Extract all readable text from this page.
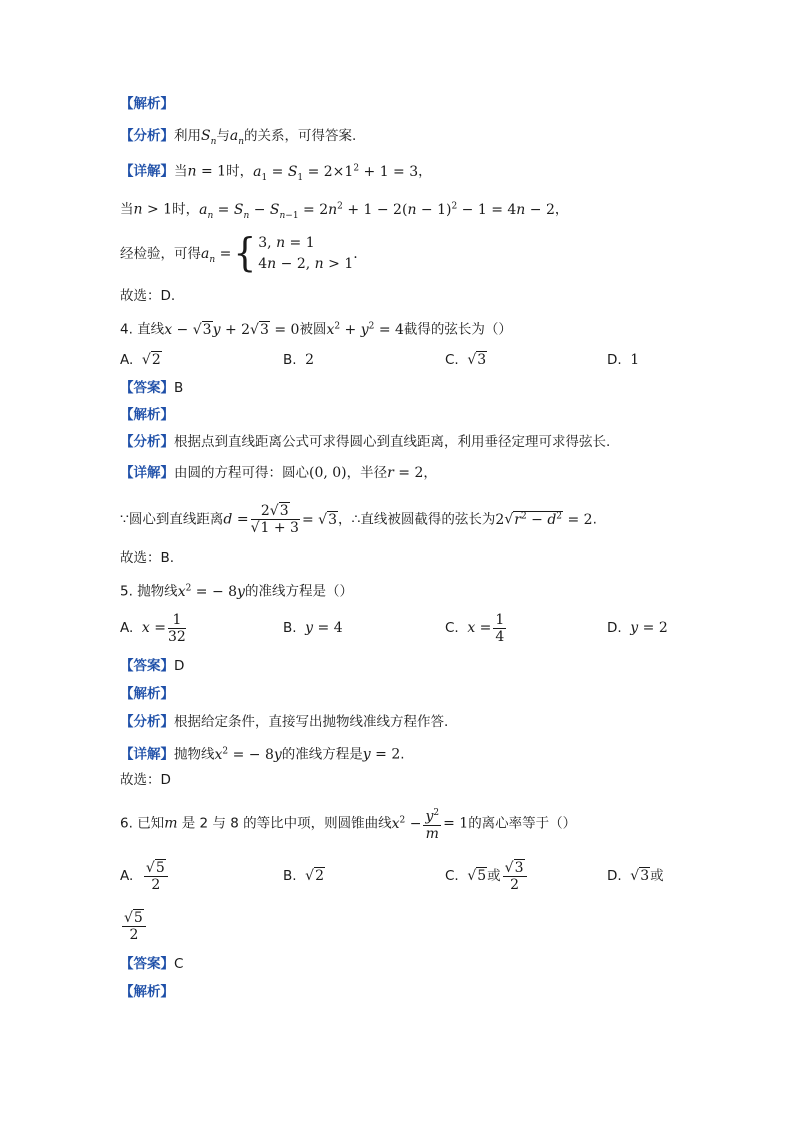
【解析】
【分析】利用$S_n$与$a_n$的关系，可得答案.
【详解】当n = 1时，$a_1 = S_1 = 2\times 1^2 + 1 = 3$，
当n > 1时，$a_n = S_n - S_{n-1} = 2n^2 + 1 - 2(n - 1)^2 - 1 = 4n - 2$，
经检验，可得$a_n$ ={ 3, n = 1
4n − 2, n > 1
.
故选：D.
4. 直线x − √3y + 2√3 = 0被圆$x^2 + y^2 = 4$截得的弦长为（）
A. √2	B. 2	C. √3	D. 1
【答案】B
【解析】
【分析】根据点到直线距离公式可求得圆心到直线距离，利用垂径定理可求得弦长.
【详解】由圆的方程可得：圆心(0, 0)，半径r = 2，
∵圆心到直线距离$d = \frac{2√3}{√1 + 3} = √3$，∴直线被圆截得的弦长为$2√r^2 - d^2 = 2$.
故选：B.
5. 抛物线$x^2$ = − 8y的准线方程是（）
A. $x = \frac{1}{32}$	B. y = 4	C. $x = \frac{1}{4}$	D. y = 2
【答案】D
【解析】
【分析】根据给定条件，直接写出抛物线准线方程作答.
【详解】抛物线$x^2$ = − 8y的准线方程是y = 2.
故选：D
6. 已知m 是 2 与 8 的等比中项，则圆锥曲线$x^2 - \frac{y^2}{m} = 1$的离心率等于（）
A. $\frac{√5}{2}$	B. √2	C. √5或 $\frac{√3}{2}$	D. √3或
$\frac{√5}{2}$
【答案】C
【解析】
